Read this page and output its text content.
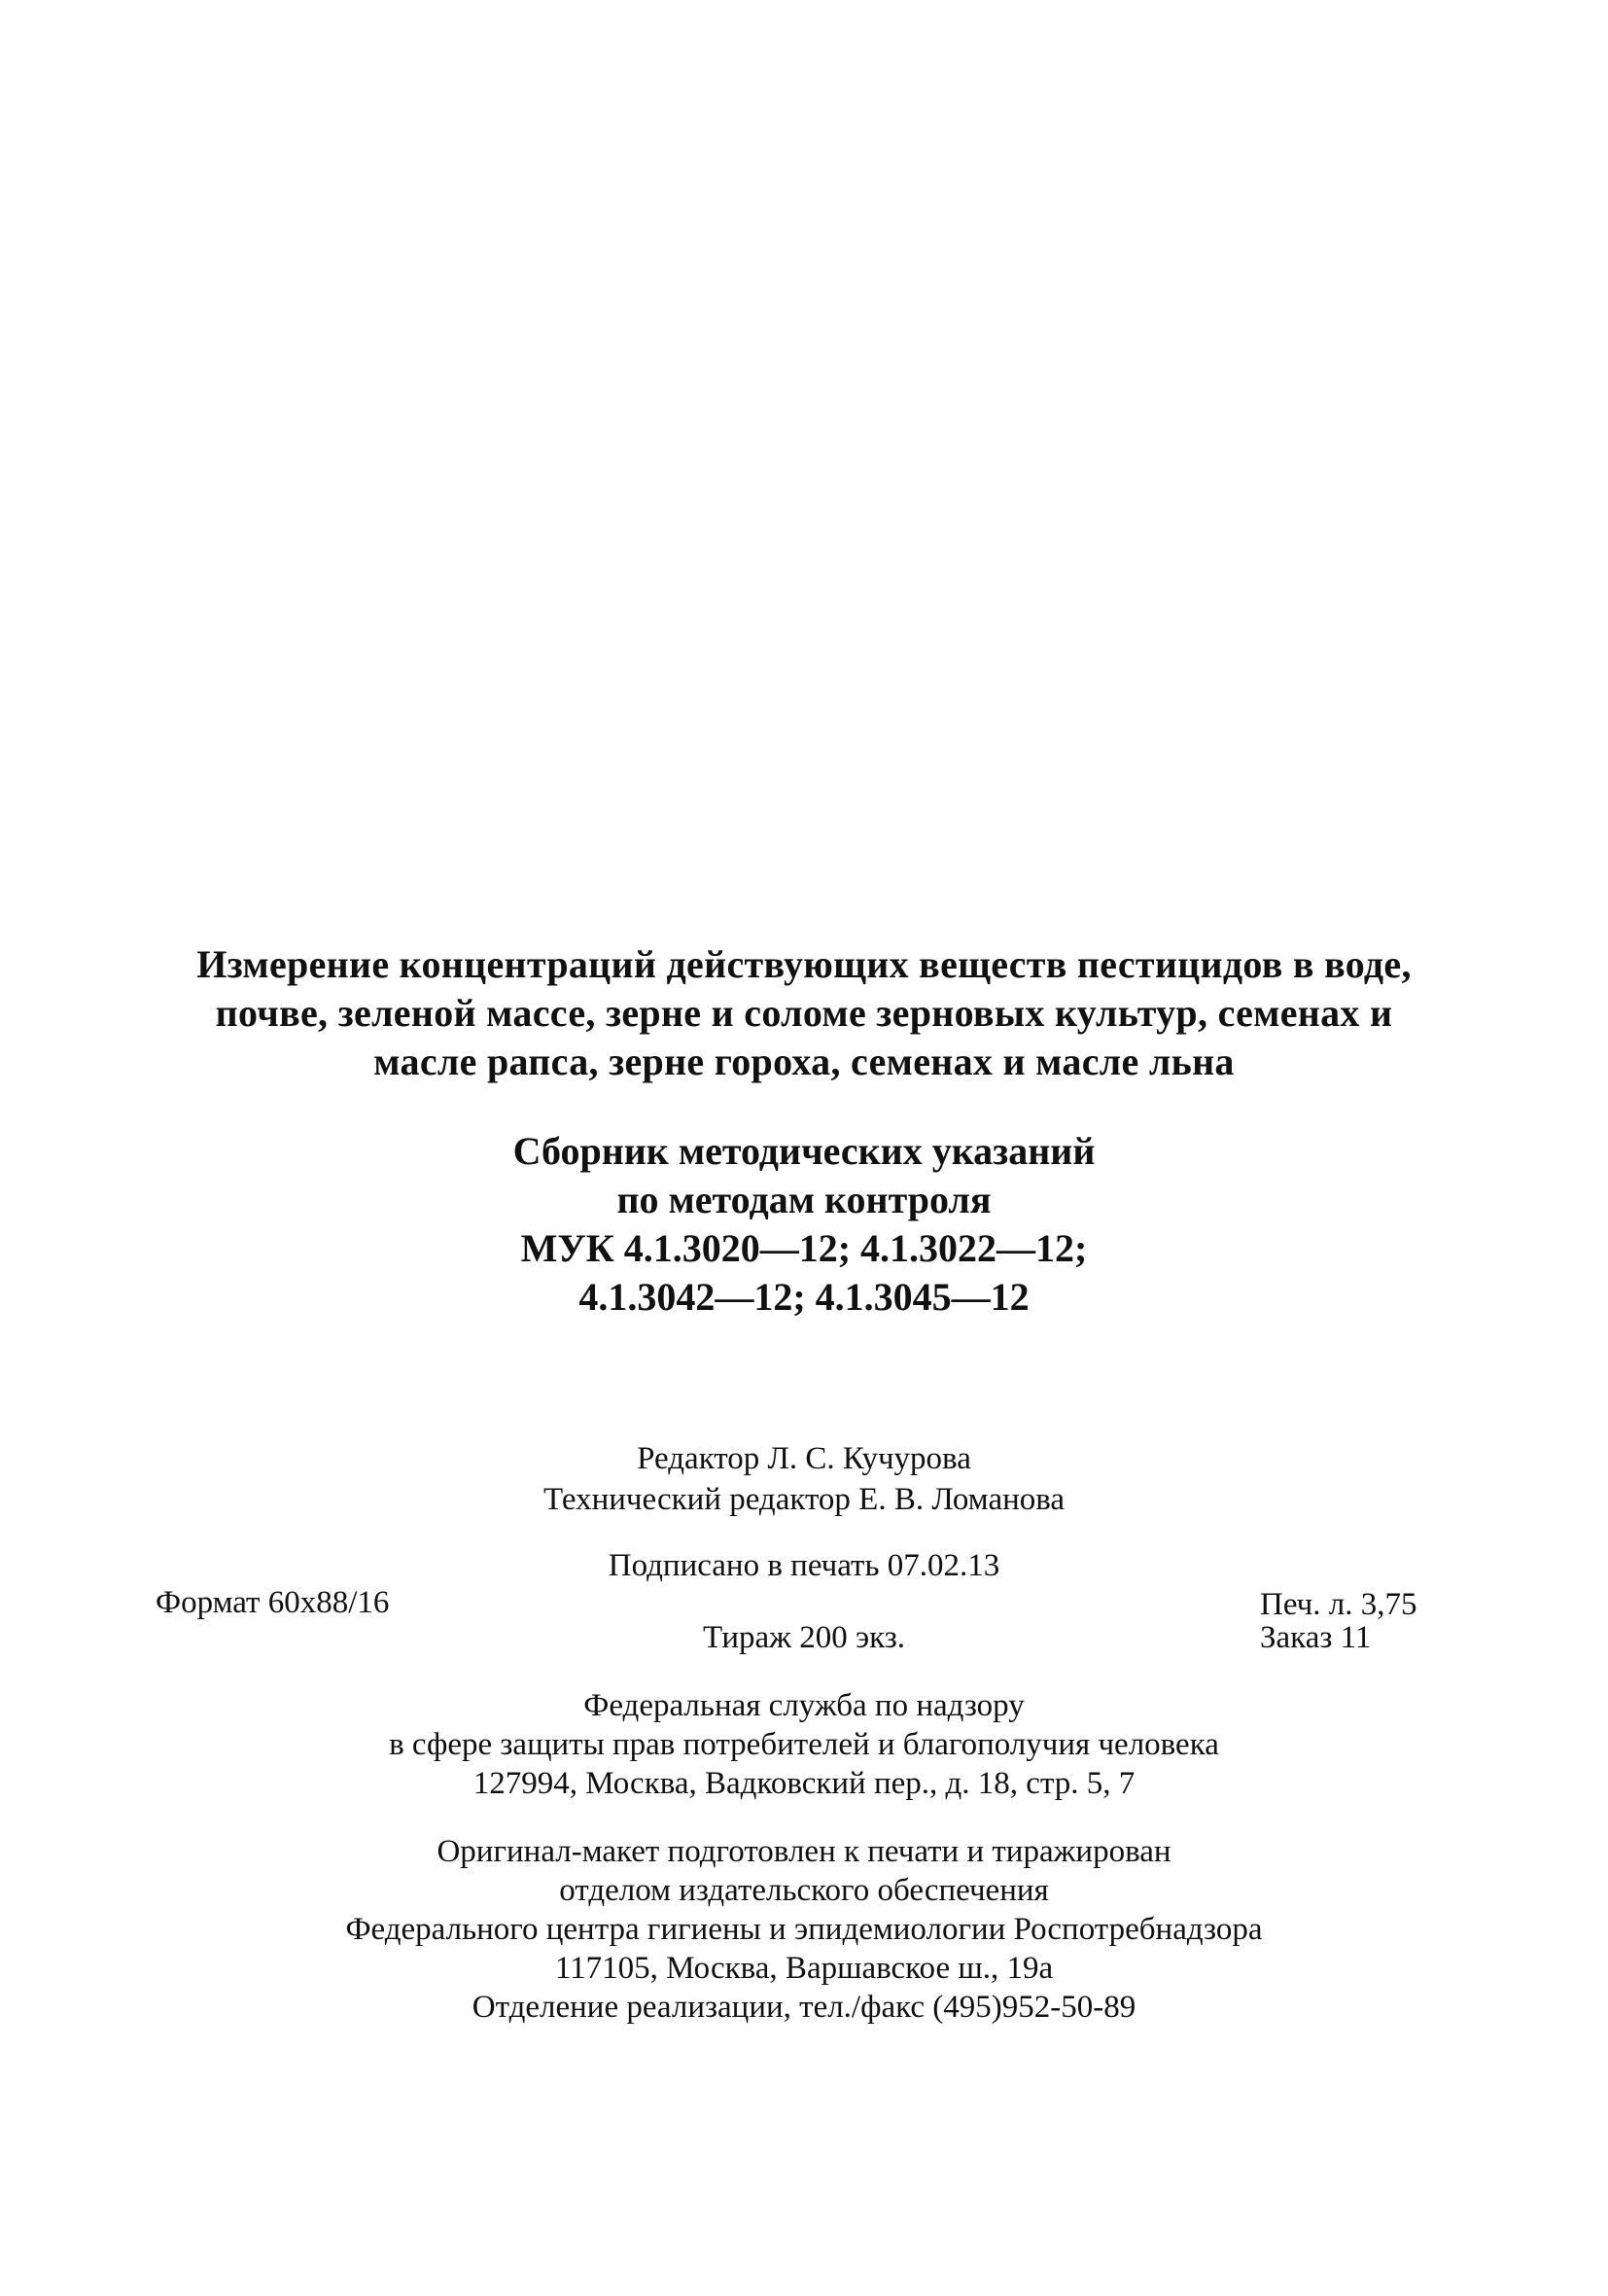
Измерение концентраций действующих веществ пестицидов в воде,
почве, зеленой массе, зерне и соломе зерновых культур, семенах и
масле рапса, зерне гороха, семенах и масле льна
Сборник методических указаний
по методам контроля
МУК 4.1.3020—12; 4.1.3022—12;
4.1.3042—12; 4.1.3045—12
Редактор Л. С. Кучурова
Технический редактор Е. В. Ломанова
Подписано в печать 07.02.13
Формат 60x88/16	Печ. л. 3,75
Тираж 200 экз.	Заказ 11
Федеральная служба по надзору
в сфере защиты прав потребителей и благополучия человека
127994, Москва, Вадковский пер., д. 18, стр. 5, 7
Оригинал-макет подготовлен к печати и тиражирован
отделом издательского обеспечения
Федерального центра гигиены и эпидемиологии Роспотребнадзора
117105, Москва, Варшавское ш., 19а
Отделение реализации, тел./факс (495)952-50-89
